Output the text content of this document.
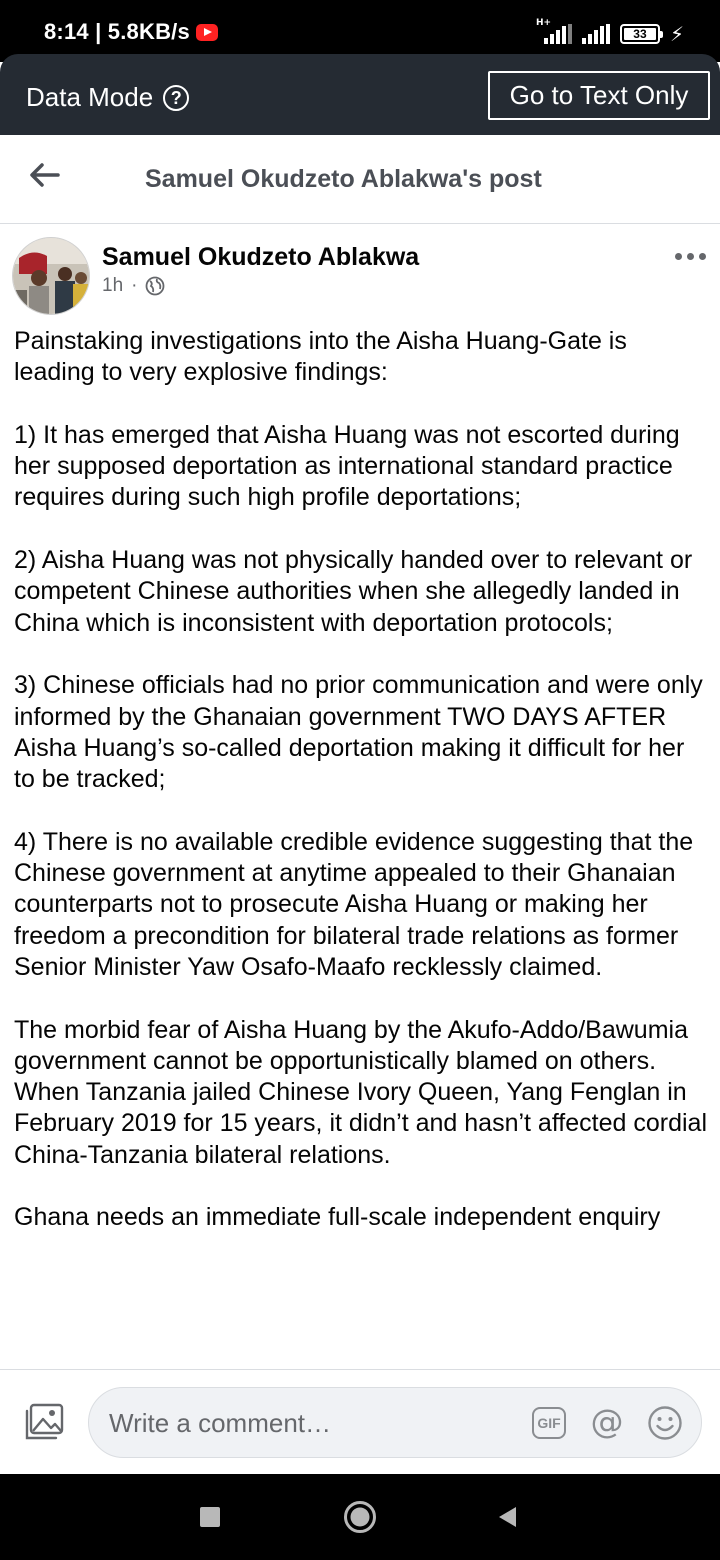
8:14 | 5.8KB/s	H+
33	⚡
Data Mode ?	Go to Text Only
Samuel Okudzeto Ablakwa's post
Samuel Okudzeto Ablakwa
1h ·

Painstaking investigations into the Aisha Huang-Gate is leading to very explosive findings:

1) It has emerged that Aisha Huang was not escorted during her supposed deportation as international standard practice requires during such high profile deportations;

2) Aisha Huang was not physically handed over to relevant or competent Chinese authorities when she allegedly landed in China which is inconsistent with deportation protocols;

3) Chinese officials had no prior communication and were only informed by the Ghanaian government TWO DAYS AFTER Aisha Huang’s so-called deportation making it difficult for her to be tracked;

4) There is no available credible evidence suggesting that the Chinese government at anytime appealed to their Ghanaian counterparts not to prosecute Aisha Huang or making her freedom a precondition for bilateral trade relations as former Senior Minister Yaw Osafo-Maafo recklessly claimed.

The morbid fear of Aisha Huang by the Akufo-Addo/Bawumia government cannot be opportunistically blamed on others. When Tanzania jailed Chinese Ivory Queen, Yang Fenglan in February 2019 for 15 years, it didn’t and hasn’t affected cordial China-Tanzania bilateral relations.

Ghana needs an immediate full-scale independent enquiry

Write a comment…
GIF @
